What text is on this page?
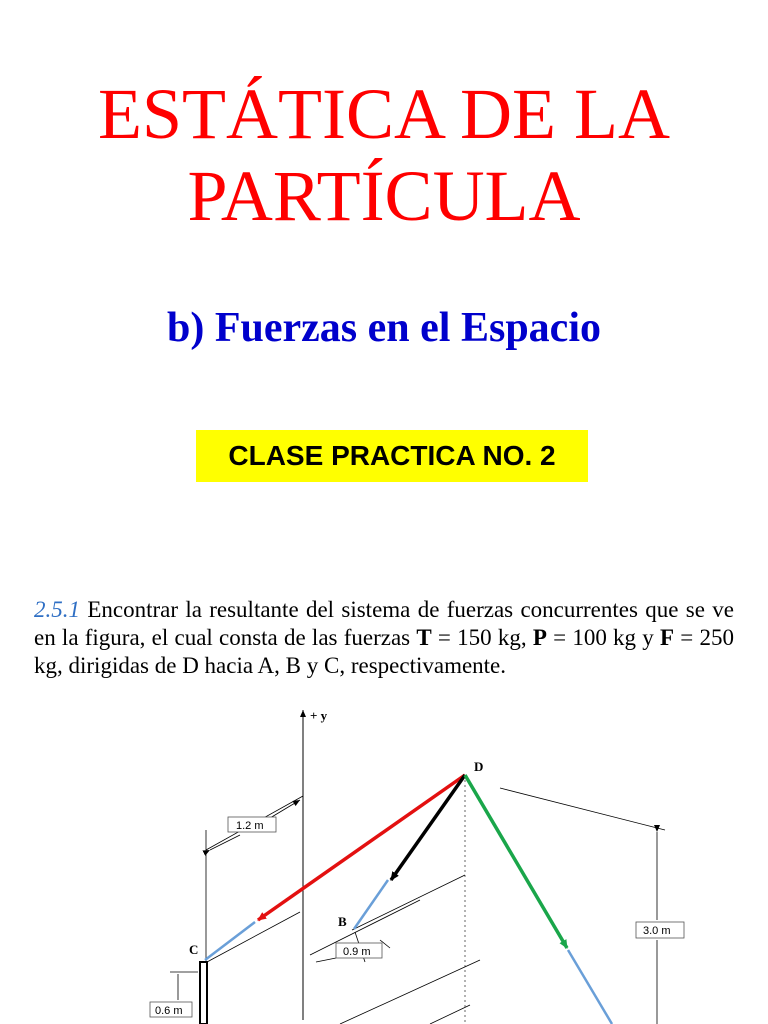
ESTÁTICA DE LA
PARTÍCULA
b) Fuerzas en el Espacio
CLASE PRACTICA NO. 2
2.5.1 Encontrar la resultante del sistema de fuerzas concurrentes que se ve en la figura, el cual consta de las fuerzas T = 150 kg, P = 100 kg y F = 250 kg, dirigidas de D hacia A, B y C, respectivamente.
+ y
1.2 m
0.9 m
3.0 m
0.6 m
D
B
C
